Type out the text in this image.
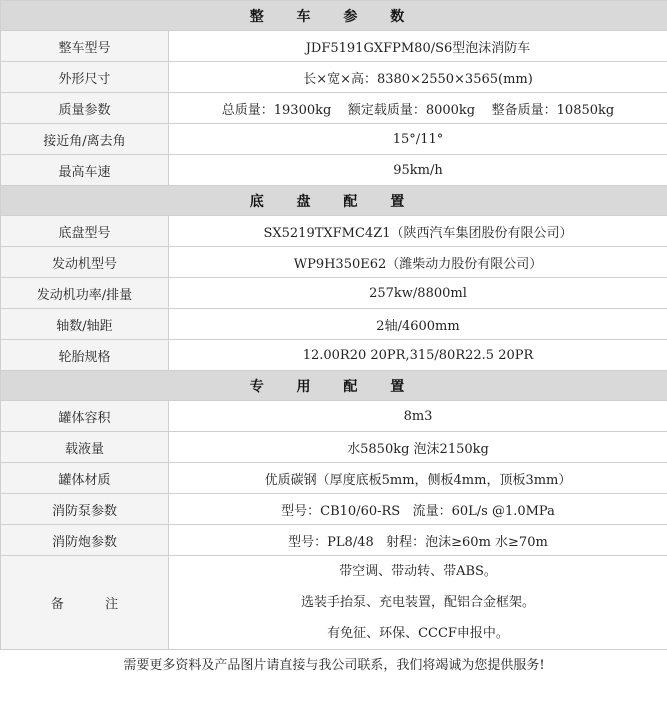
整 车 参 数	
整车型号	JDF5191GXFPM80/S6型泡沫消防车
外形尺寸	长×宽×高：8380×2550×3565(mm)
质量参数	总质量：19300kg    额定载质量：8000kg    整备质量：10850kg
接近角/离去角	15°/11°
最高车速	95km/h
底 盘 配 置	
底盘型号	SX5219TXFMC4Z1（陕西汽车集团股份有限公司）
发动机型号	WP9H350E62（潍柴动力股份有限公司）
发动机功率/排量	257kw/8800ml
轴数/轴距	2轴/4600mm
轮胎规格	12.00R20 20PR,315/80R22.5 20PR
专 用 配 置	
罐体容积	8m3
载液量	水5850kg 泡沫2150kg
罐体材质	优质碳钢（厚度底板5mm，侧板4mm，顶板3mm）
消防泵参数	型号：CB10/60-RS   流量：60L/s @1.0MPa
消防炮参数	型号：PL8/48   射程：泡沫≥60m 水≥70m
备          注	带空调、带动转、带ABS。
选装手抬泵、充电装置，配铝合金框架。
有免征、环保、CCCF申报中。

需要更多资料及产品图片请直接与我公司联系，我们将竭诚为您提供服务!	
